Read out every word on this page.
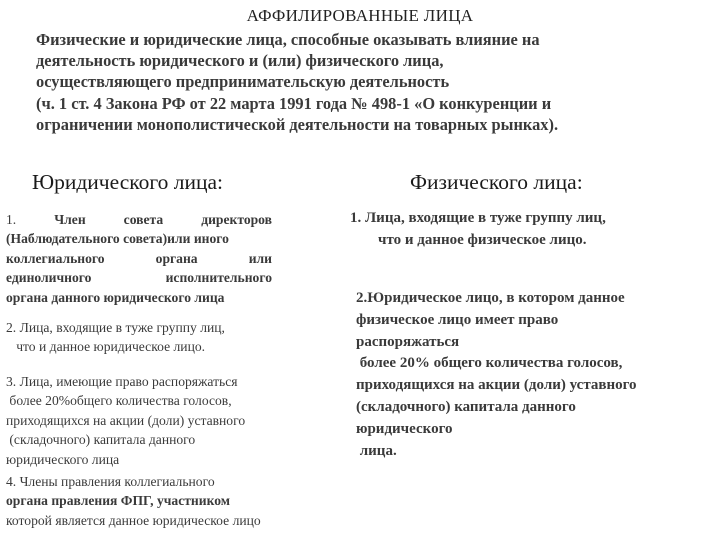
АФФИЛИРОВАННЫЕ ЛИЦА
Физические и юридические лица, способные оказывать влияние на
деятельность юридического и (или) физического лица,
осуществляющего предпринимательскую деятельность
(ч. 1 ст. 4 Закона РФ от 22 марта 1991 года № 498-1 «О конкуренции и
ограничении монополистической деятельности на товарных рынках).
Юридического лица:	Физического лица:
1.	Член	совета	директоров
(Наблюдательного совета)или иного
коллегиального	органа	или
единоличного	исполнительного
органа данного юридического лица
2. Лица, входящие в туже группу лиц,
что и данное юридическое лицо.
3. Лица, имеющие право распоряжаться
более 20%общего количества голосов,
приходящихся на акции (доли) уставного
(складочного) капитала данного
юридического лица
4. Члены правления коллегиального
органа правления ФПГ, участником
которой является данное юридическое лицо
1. Лица, входящие в туже группу лиц,
что и данное физическое лицо.
2.Юридическое лицо, в котором данное
физическое лицо имеет право
распоряжаться
более 20% общего количества голосов,
приходящихся на акции (доли) уставного
(складочного) капитала данного
юридического
лица.
